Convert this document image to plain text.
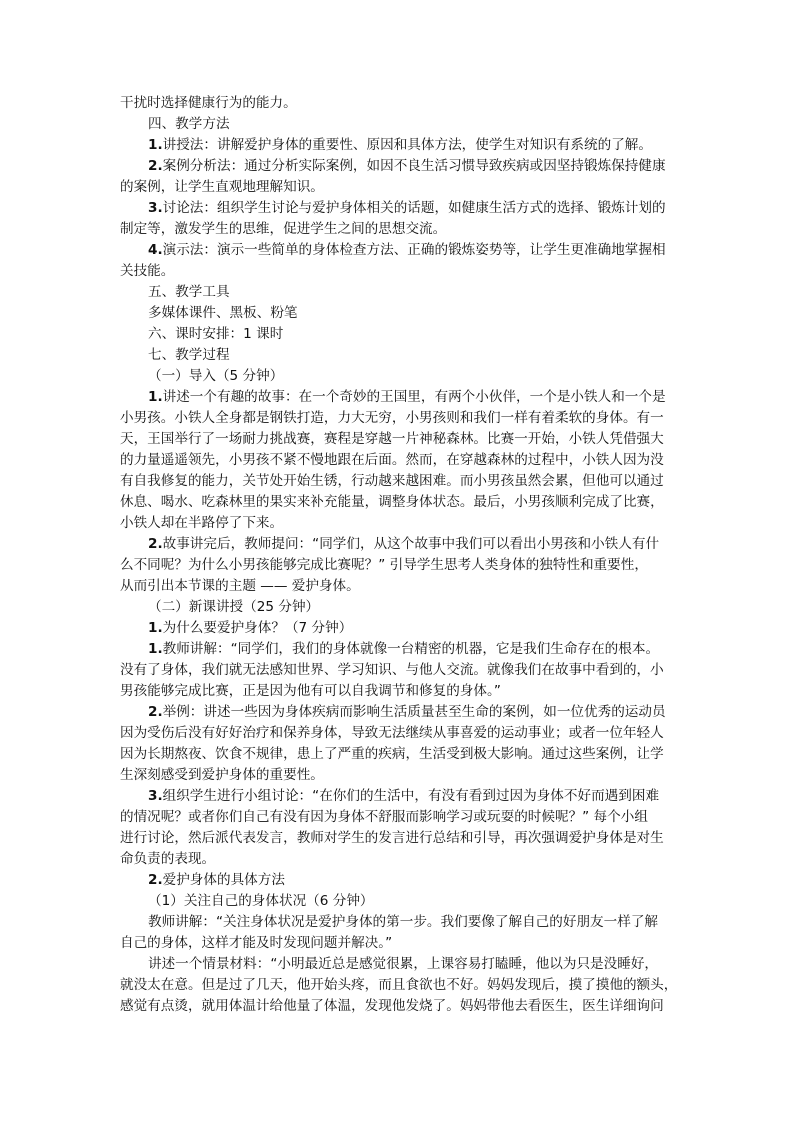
干扰时选择健康行为的能力。

四、教学方法

1.讲授法：讲解爱护身体的重要性、原因和具体方法，使学生对知识有系统的了解。

2.案例分析法：通过分析实际案例，如因不良生活习惯导致疾病或因坚持锻炼保持健康

的案例，让学生直观地理解知识。

3.讨论法：组织学生讨论与爱护身体相关的话题，如健康生活方式的选择、锻炼计划的

制定等，激发学生的思维，促进学生之间的思想交流。

4.演示法：演示一些简单的身体检查方法、正确的锻炼姿势等，让学生更准确地掌握相

关技能。

五、教学工具

多媒体课件、黑板、粉笔

六、课时安排：1 课时

七、教学过程

（一）导入（5 分钟）

1.讲述一个有趣的故事：在一个奇妙的王国里，有两个小伙伴，一个是小铁人和一个是

小男孩。小铁人全身都是钢铁打造，力大无穷，小男孩则和我们一样有着柔软的身体。有一

天，王国举行了一场耐力挑战赛，赛程是穿越一片神秘森林。比赛一开始，小铁人凭借强大

的力量遥遥领先，小男孩不紧不慢地跟在后面。然而，在穿越森林的过程中，小铁人因为没

有自我修复的能力，关节处开始生锈，行动越来越困难。而小男孩虽然会累，但他可以通过

休息、喝水、吃森林里的果实来补充能量，调整身体状态。最后，小男孩顺利完成了比赛，

小铁人却在半路停了下来。

2.故事讲完后，教师提问：“同学们，从这个故事中我们可以看出小男孩和小铁人有什

么不同呢？为什么小男孩能够完成比赛呢？” 引导学生思考人类身体的独特性和重要性，

从而引出本节课的主题 —— 爱护身体。

（二）新课讲授（25 分钟）

1.为什么要爱护身体？（7 分钟）

1.教师讲解：“同学们，我们的身体就像一台精密的机器，它是我们生命存在的根本。

没有了身体，我们就无法感知世界、学习知识、与他人交流。就像我们在故事中看到的，小

男孩能够完成比赛，正是因为他有可以自我调节和修复的身体。”

2.举例：讲述一些因为身体疾病而影响生活质量甚至生命的案例，如一位优秀的运动员

因为受伤后没有好好治疗和保养身体，导致无法继续从事喜爱的运动事业；或者一位年轻人

因为长期熬夜、饮食不规律，患上了严重的疾病，生活受到极大影响。通过这些案例，让学

生深刻感受到爱护身体的重要性。

3.组织学生进行小组讨论：“在你们的生活中，有没有看到过因为身体不好而遇到困难

的情况呢？或者你们自己有没有因为身体不舒服而影响学习或玩耍的时候呢？” 每个小组

进行讨论，然后派代表发言，教师对学生的发言进行总结和引导，再次强调爱护身体是对生

命负责的表现。

2.爱护身体的具体方法

（1）关注自己的身体状况（6 分钟）

教师讲解：“关注身体状况是爱护身体的第一步。我们要像了解自己的好朋友一样了解

自己的身体，这样才能及时发现问题并解决。”

讲述一个情景材料：“小明最近总是感觉很累，上课容易打瞌睡，他以为只是没睡好，

就没太在意。但是过了几天，他开始头疼，而且食欲也不好。妈妈发现后，摸了摸他的额头，

感觉有点烫，就用体温计给他量了体温，发现他发烧了。妈妈带他去看医生，医生详细询问
